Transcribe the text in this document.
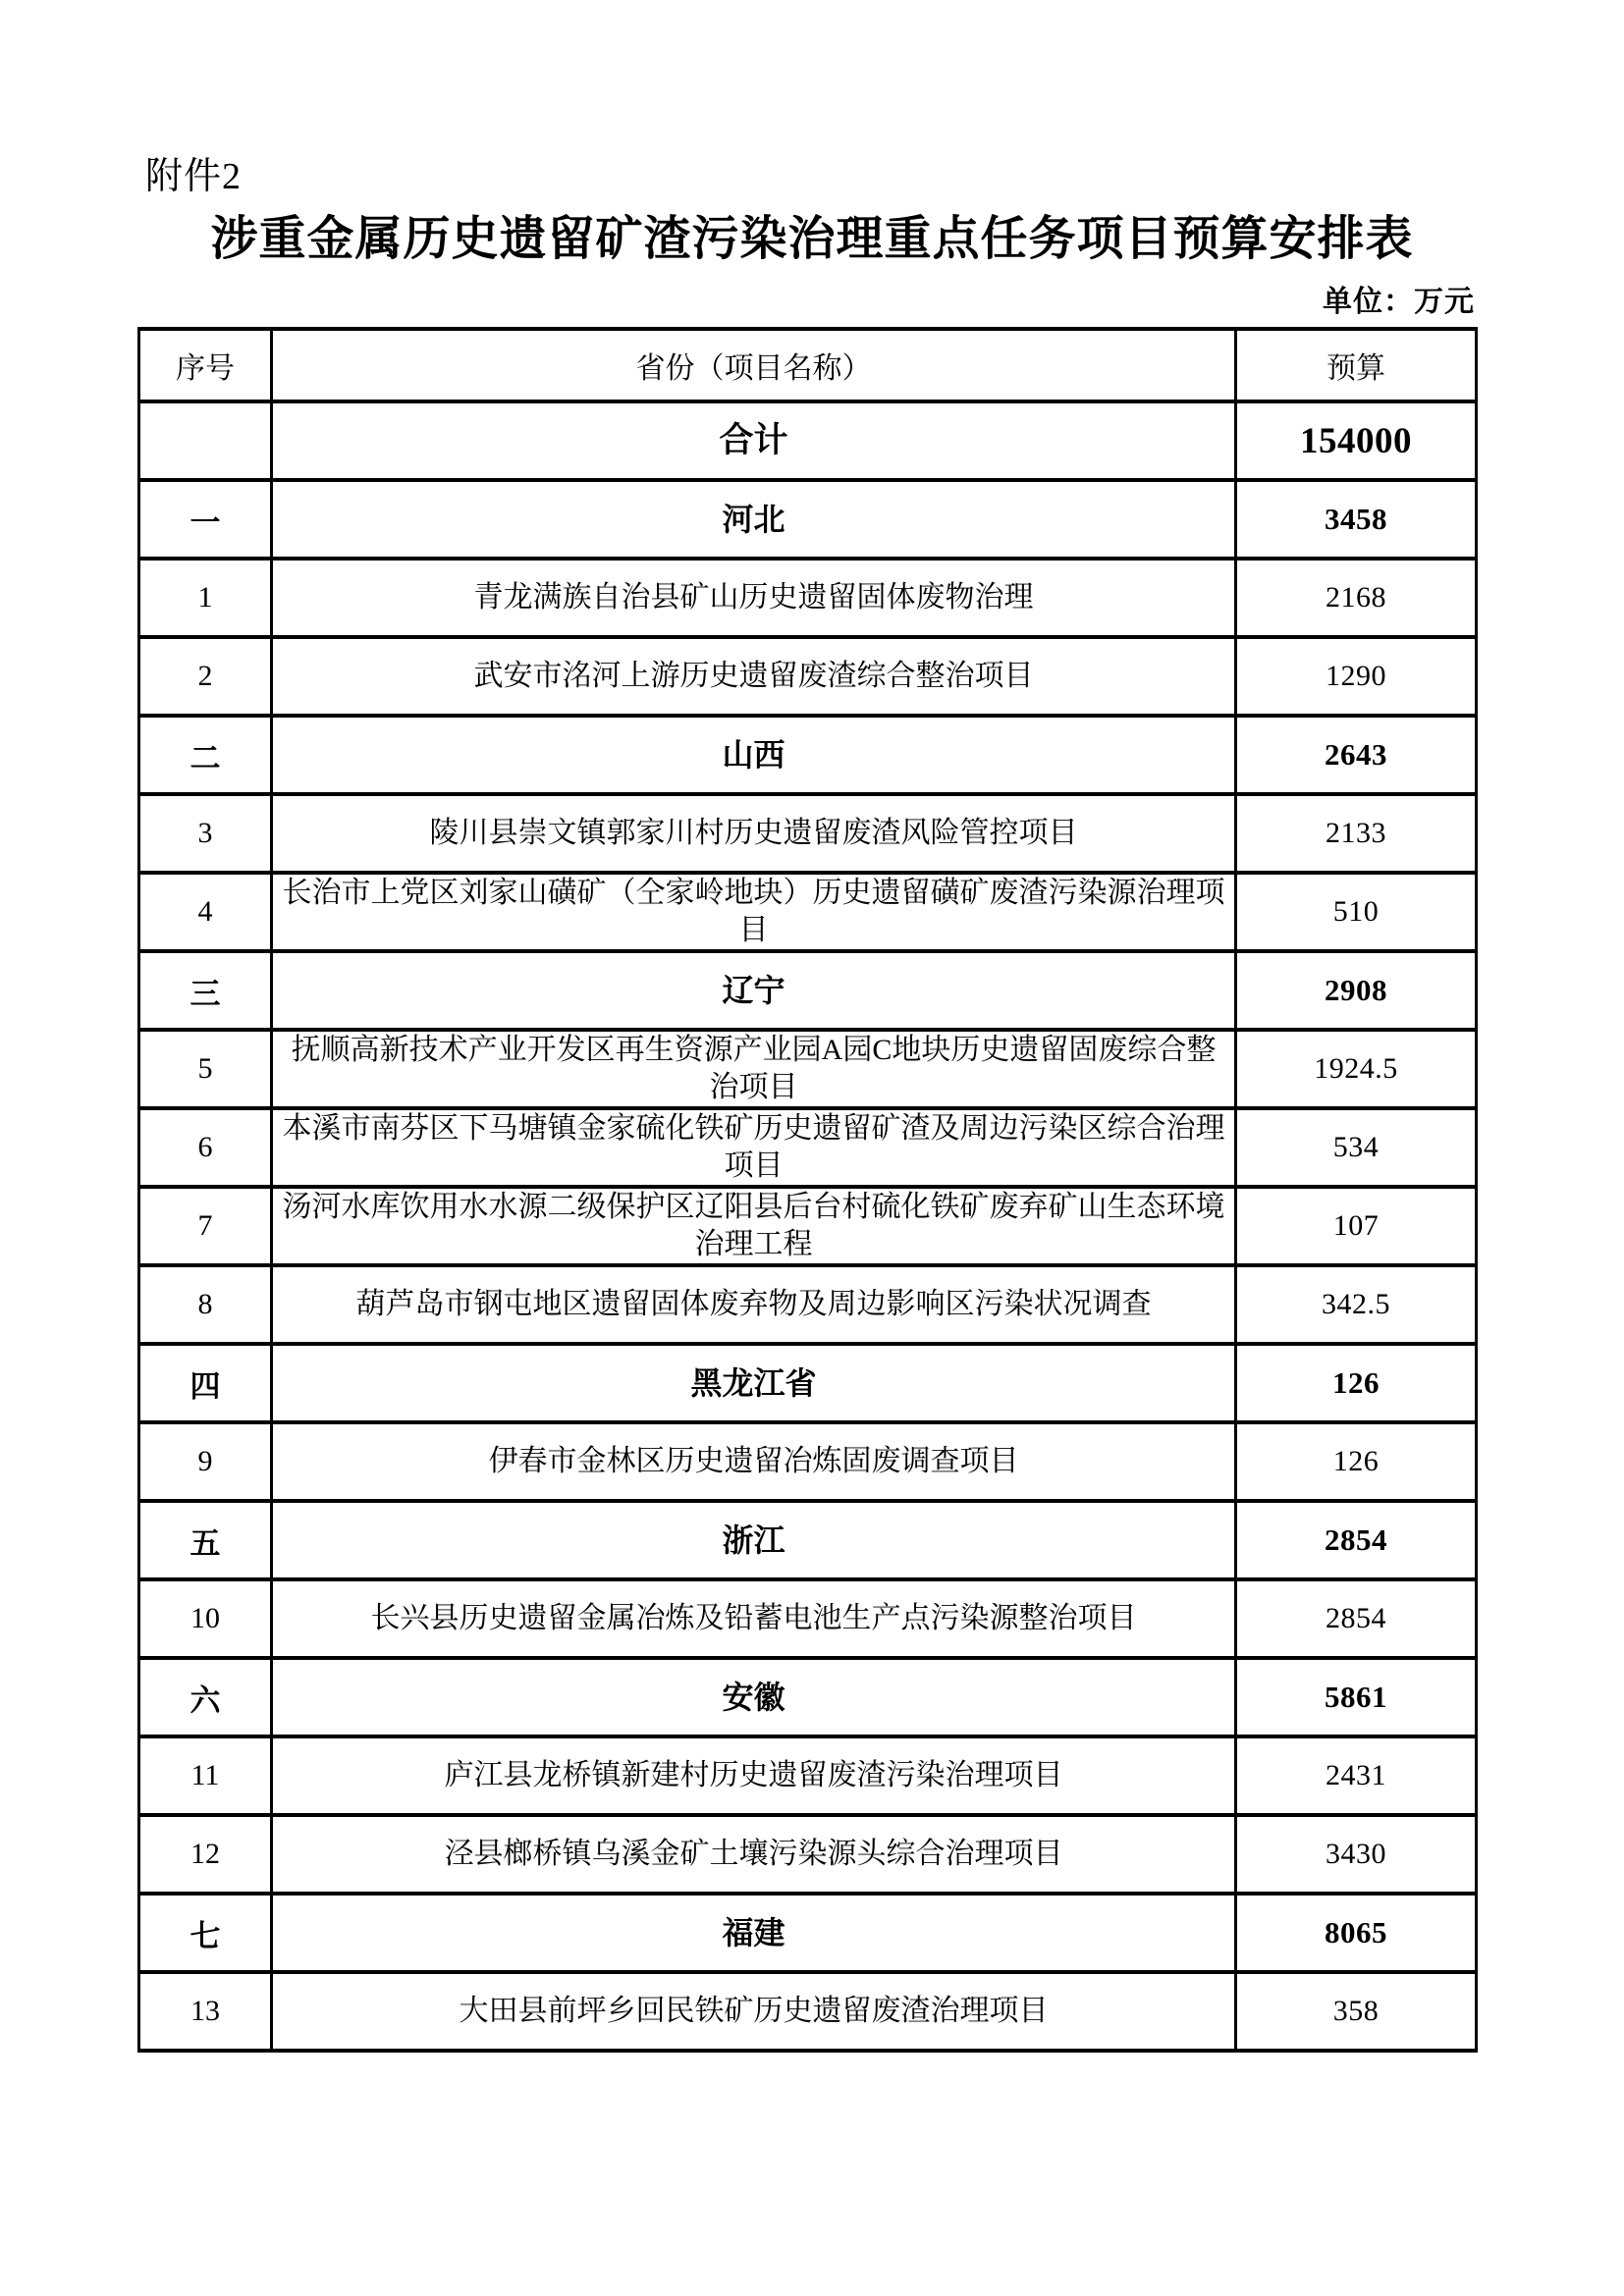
附件2
涉重金属历史遗留矿渣污染治理重点任务项目预算安排表
单位：万元
序号	省份（项目名称）	预算
	合计	154000
一	河北	3458
1	青龙满族自治县矿山历史遗留固体废物治理	2168
2	武安市洺河上游历史遗留废渣综合整治项目	1290
二	山西	2643
3	陵川县崇文镇郭家川村历史遗留废渣风险管控项目	2133
4	长治市上党区刘家山磺矿（仝家岭地块）历史遗留磺矿废渣污染源治理项目	510
三	辽宁	2908
5	抚顺高新技术产业开发区再生资源产业园A园C地块历史遗留固废综合整治项目	1924.5
6	本溪市南芬区下马塘镇金家硫化铁矿历史遗留矿渣及周边污染区综合治理项目	534
7	汤河水库饮用水水源二级保护区辽阳县后台村硫化铁矿废弃矿山生态环境治理工程	107
8	葫芦岛市钢屯地区遗留固体废弃物及周边影响区污染状况调查	342.5
四	黑龙江省	126
9	伊春市金林区历史遗留冶炼固废调查项目	126
五	浙江	2854
10	长兴县历史遗留金属冶炼及铅蓄电池生产点污染源整治项目	2854
六	安徽	5861
11	庐江县龙桥镇新建村历史遗留废渣污染治理项目	2431
12	泾县榔桥镇乌溪金矿土壤污染源头综合治理项目	3430
七	福建	8065
13	大田县前坪乡回民铁矿历史遗留废渣治理项目	358
